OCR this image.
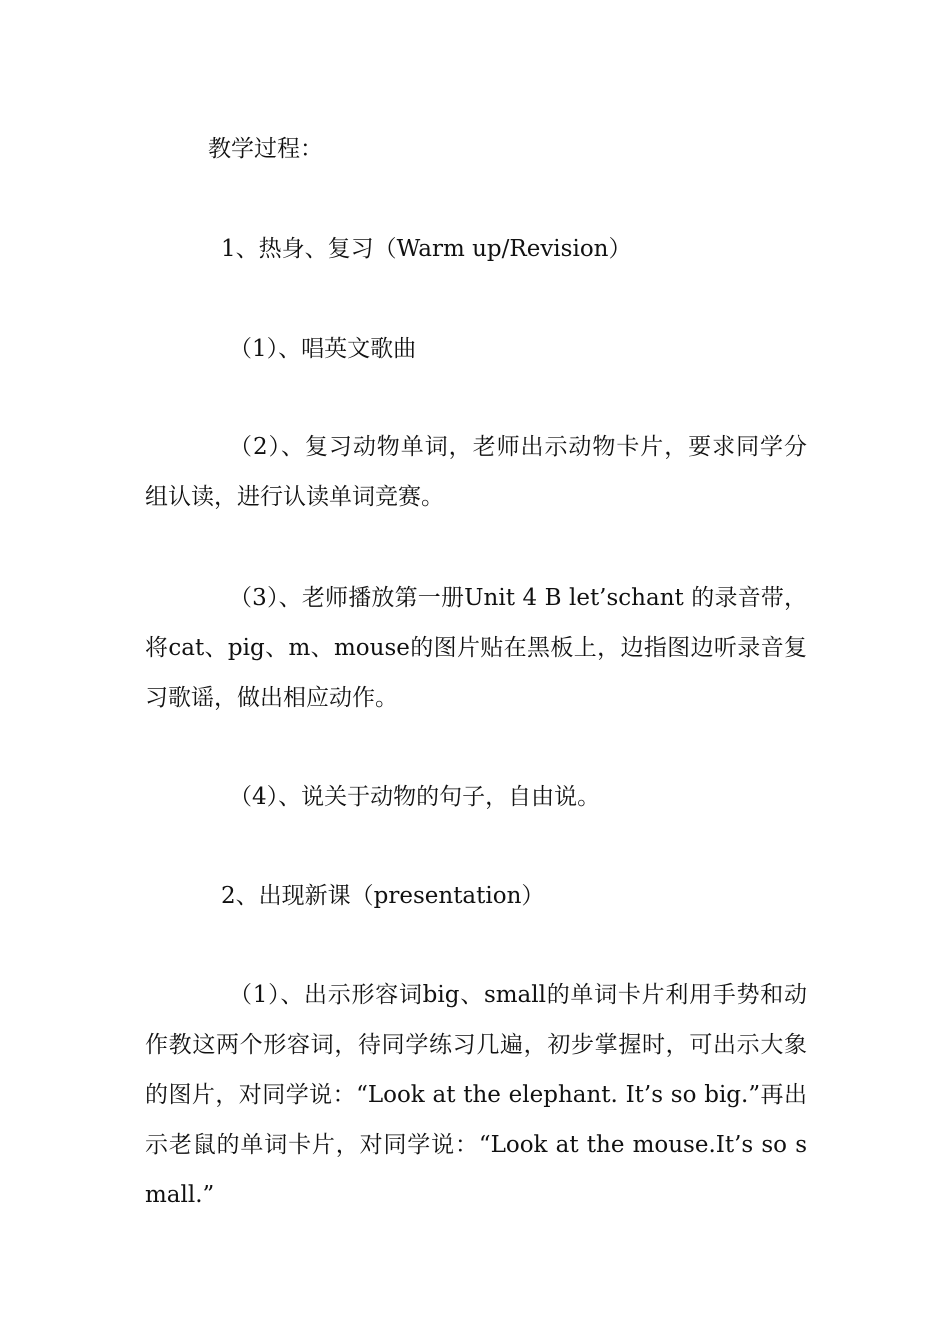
教学过程：

1、热身、复习（Warm up/Revision）

（1）、唱英文歌曲

（2）、复习动物单词，老师出示动物卡片，要求同学分组认读，进行认读单词竞赛。

（3）、老师播放第一册Unit 4 B let’schant 的录音带，将cat、pig、m、mouse的图片贴在黑板上，边指图边听录音复习歌谣，做出相应动作。

（4）、说关于动物的句子，自由说。

2、出现新课（presentation）

（1）、出示形容词big、small的单词卡片利用手势和动作教这两个形容词，待同学练习几遍，初步掌握时，可出示大象的图片，对同学说：“Look at the elephant. It’s so big.”再出示老鼠的单词卡片，对同学说：“Look at the mouse.It’s so small.”
